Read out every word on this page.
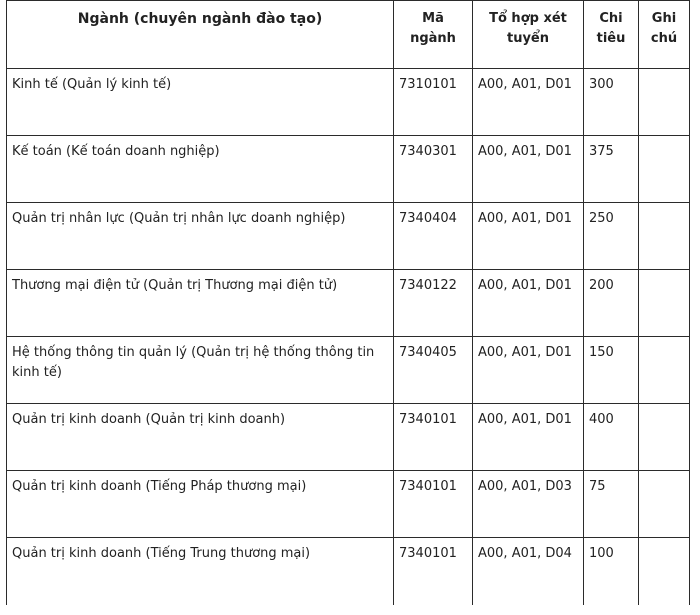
Ngành (chuyên ngành đào tạo)	Mã ngành	Tổ hợp xét tuyển	Chi tiêu	Ghi chú
Kinh tế (Quản lý kinh tế)	7310101	A00, A01, D01	300	
Kế toán (Kế toán doanh nghiệp)	7340301	A00, A01, D01	375	
Quản trị nhân lực (Quản trị nhân lực doanh nghiệp)	7340404	A00, A01, D01	250	
Thương mại điện tử (Quản trị Thương mại điện tử)	7340122	A00, A01, D01	200	
Hệ thống thông tin quản lý (Quản trị hệ thống thông tin kinh tế)	7340405	A00, A01, D01	150	
Quản trị kinh doanh (Quản trị kinh doanh)	7340101	A00, A01, D01	400	
Quản trị kinh doanh (Tiếng Pháp thương mại)	7340101	A00, A01, D03	75	
Quản trị kinh doanh (Tiếng Trung thương mại)	7340101	A00, A01, D04	100	
